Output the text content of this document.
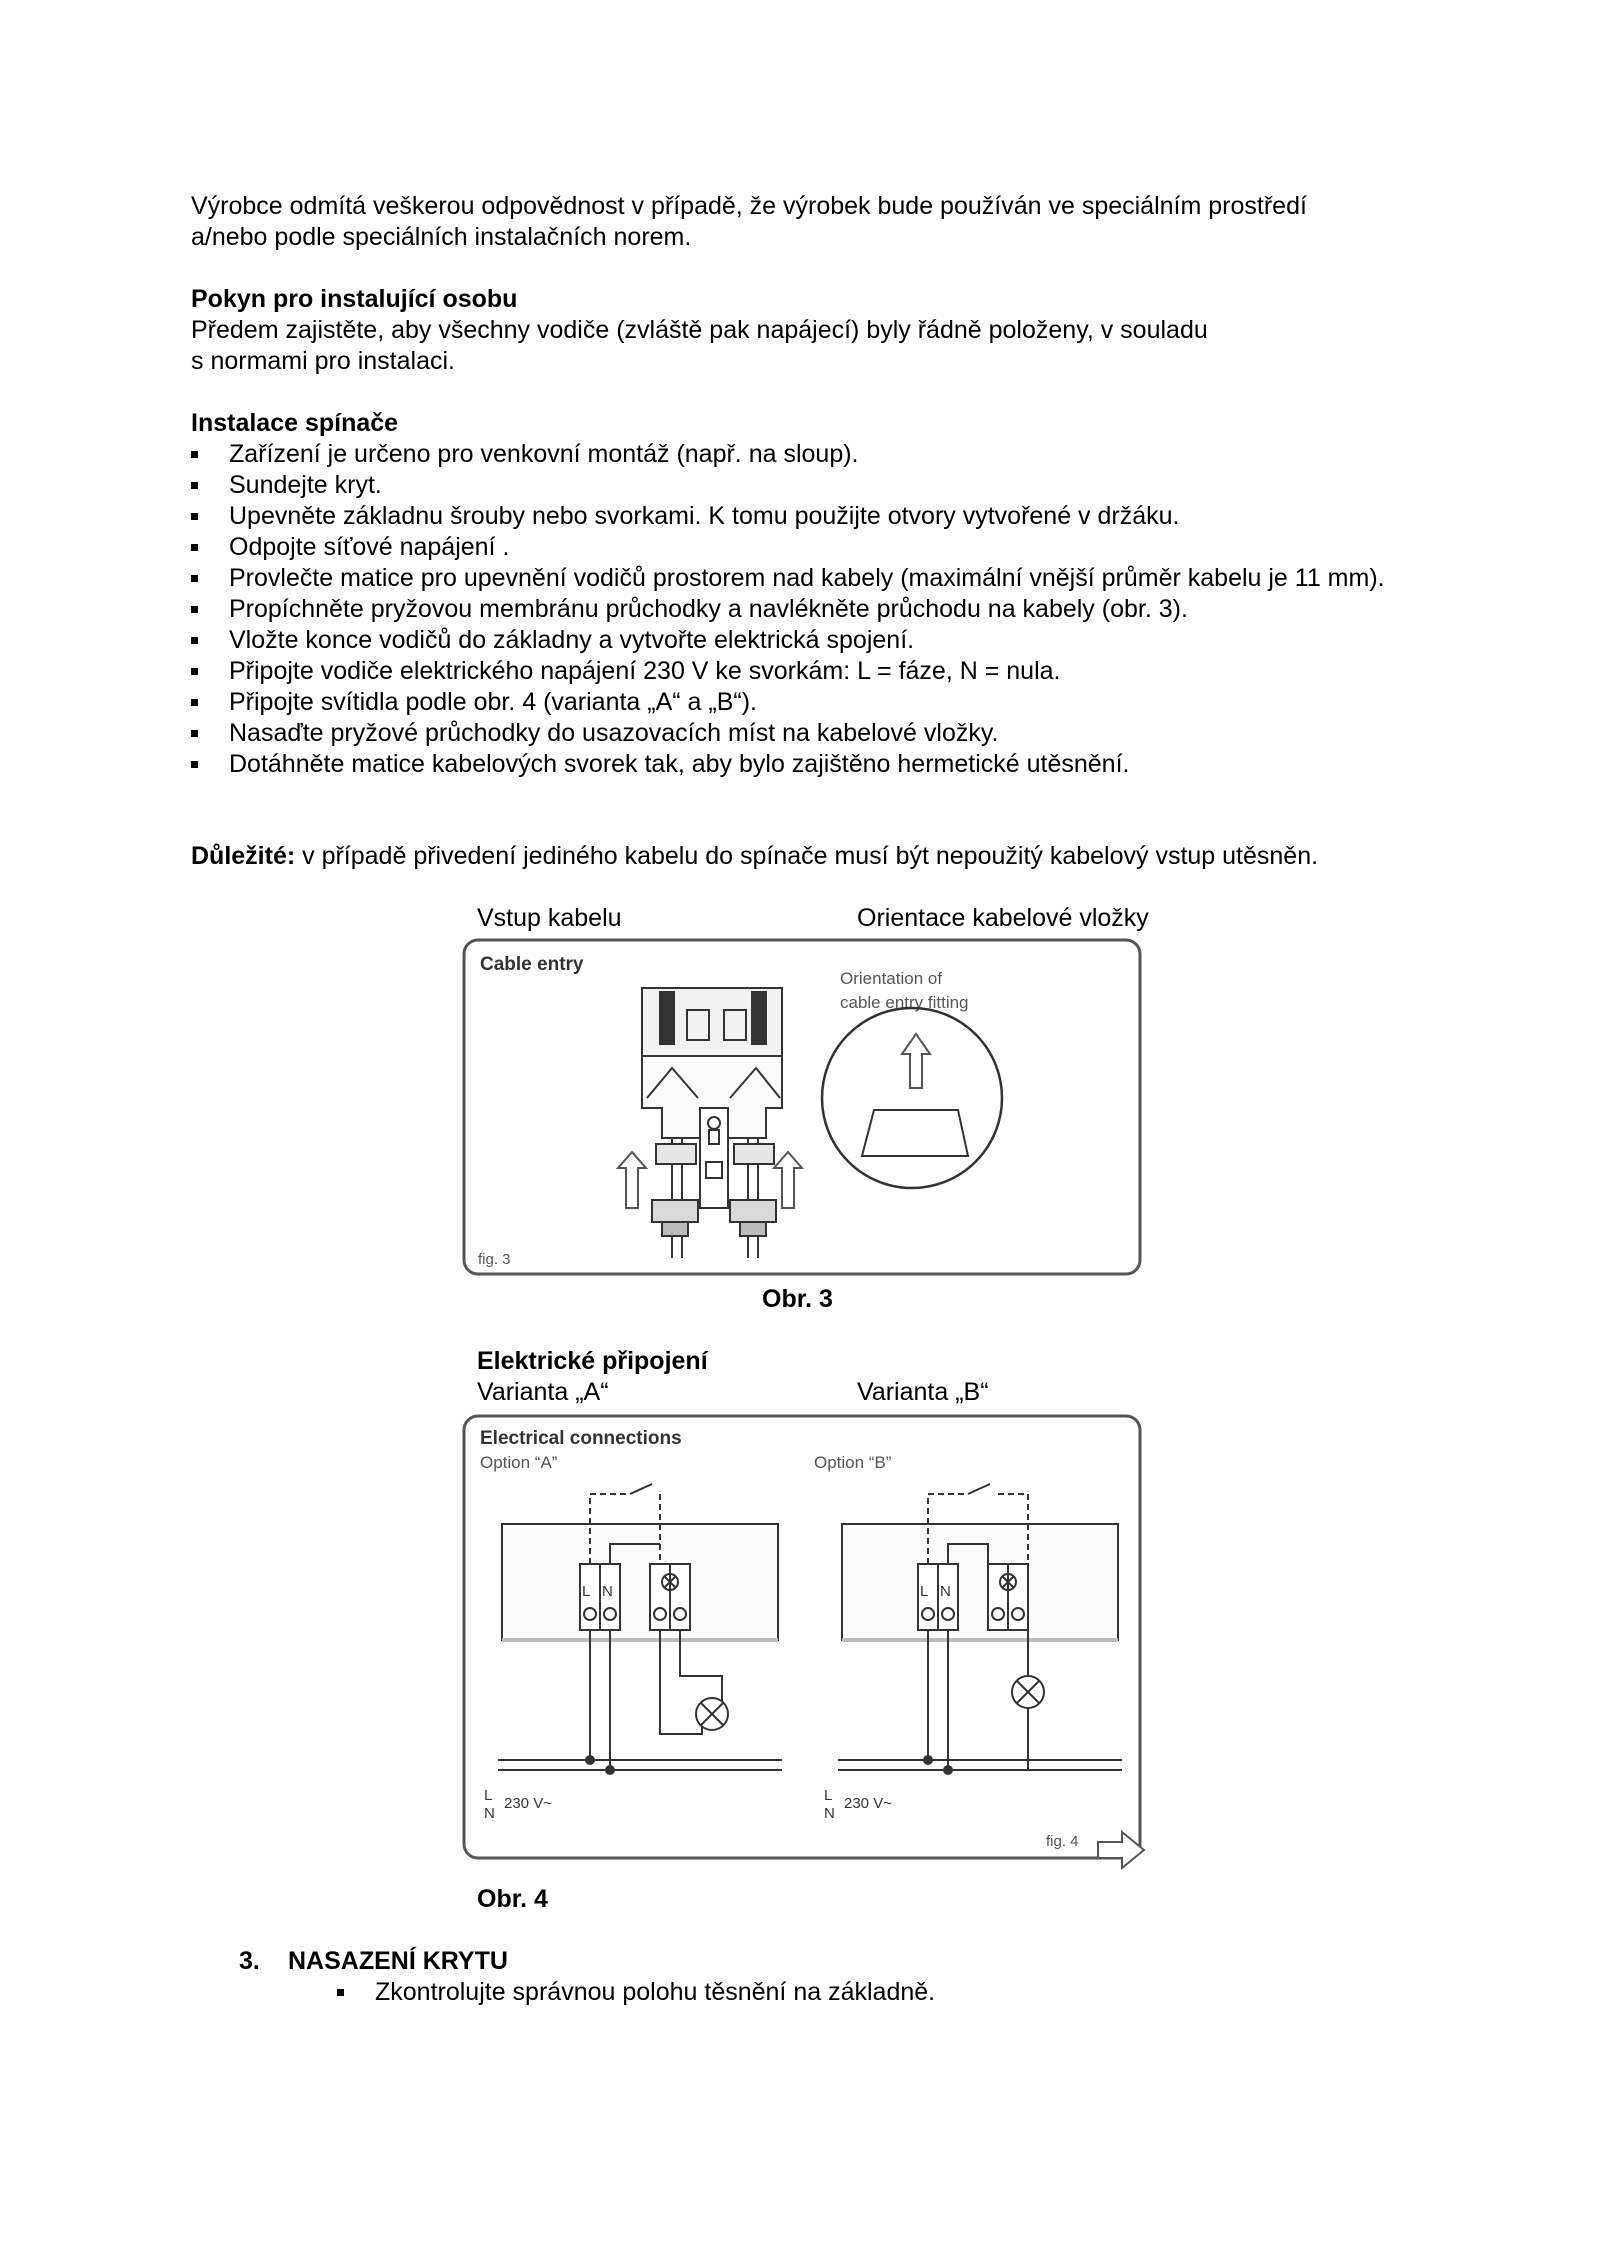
Výrobce odmítá veškerou odpovědnost v případě, že výrobek bude používán ve speciálním prostředí
a/nebo podle speciálních instalačních norem.
Pokyn pro instalující osobu
Předem zajistěte, aby všechny vodiče (zvláště pak napájecí) byly řádně položeny, v souladu
s normami pro instalaci.
Instalace spínače
Zařízení je určeno pro venkovní montáž (např. na sloup).
Sundejte kryt.
Upevněte základnu šrouby nebo svorkami. K tomu použijte otvory vytvořené v držáku.
Odpojte síťové napájení .
Provlečte matice pro upevnění vodičů prostorem nad kabely (maximální vnější průměr kabelu je 11 mm).
Propíchněte pryžovou membránu průchodky a navlékněte průchodu na kabely (obr. 3).
Vložte konce vodičů do základny a vytvořte elektrická spojení.
Připojte vodiče elektrického napájení 230 V ke svorkám: L = fáze, N = nula.
Připojte svítidla podle obr. 4 (varianta „A“ a „B“).
Nasaďte pryžové průchodky do usazovacích míst na kabelové vložky.
Dotáhněte matice kabelových svorek tak, aby bylo zajištěno hermetické utěsnění.
Důležité: v případě přivedení jediného kabelu do spínače musí být nepoužitý kabelový vstup utěsněn.
Vstup kabelu	Orientace kabelové vložky
Cable entry
Orientation of
cable entry fitting
fig. 3
Obr. 3
Elektrické připojení
Varianta „A“	Varianta „B“
Electrical connections
Option “A”	Option “B”
L N
L
N
230 V~
L N
L
N
230 V~
fig. 4
Obr. 4
3. NASAZENÍ KRYTU
Zkontrolujte správnou polohu těsnění na základně.
